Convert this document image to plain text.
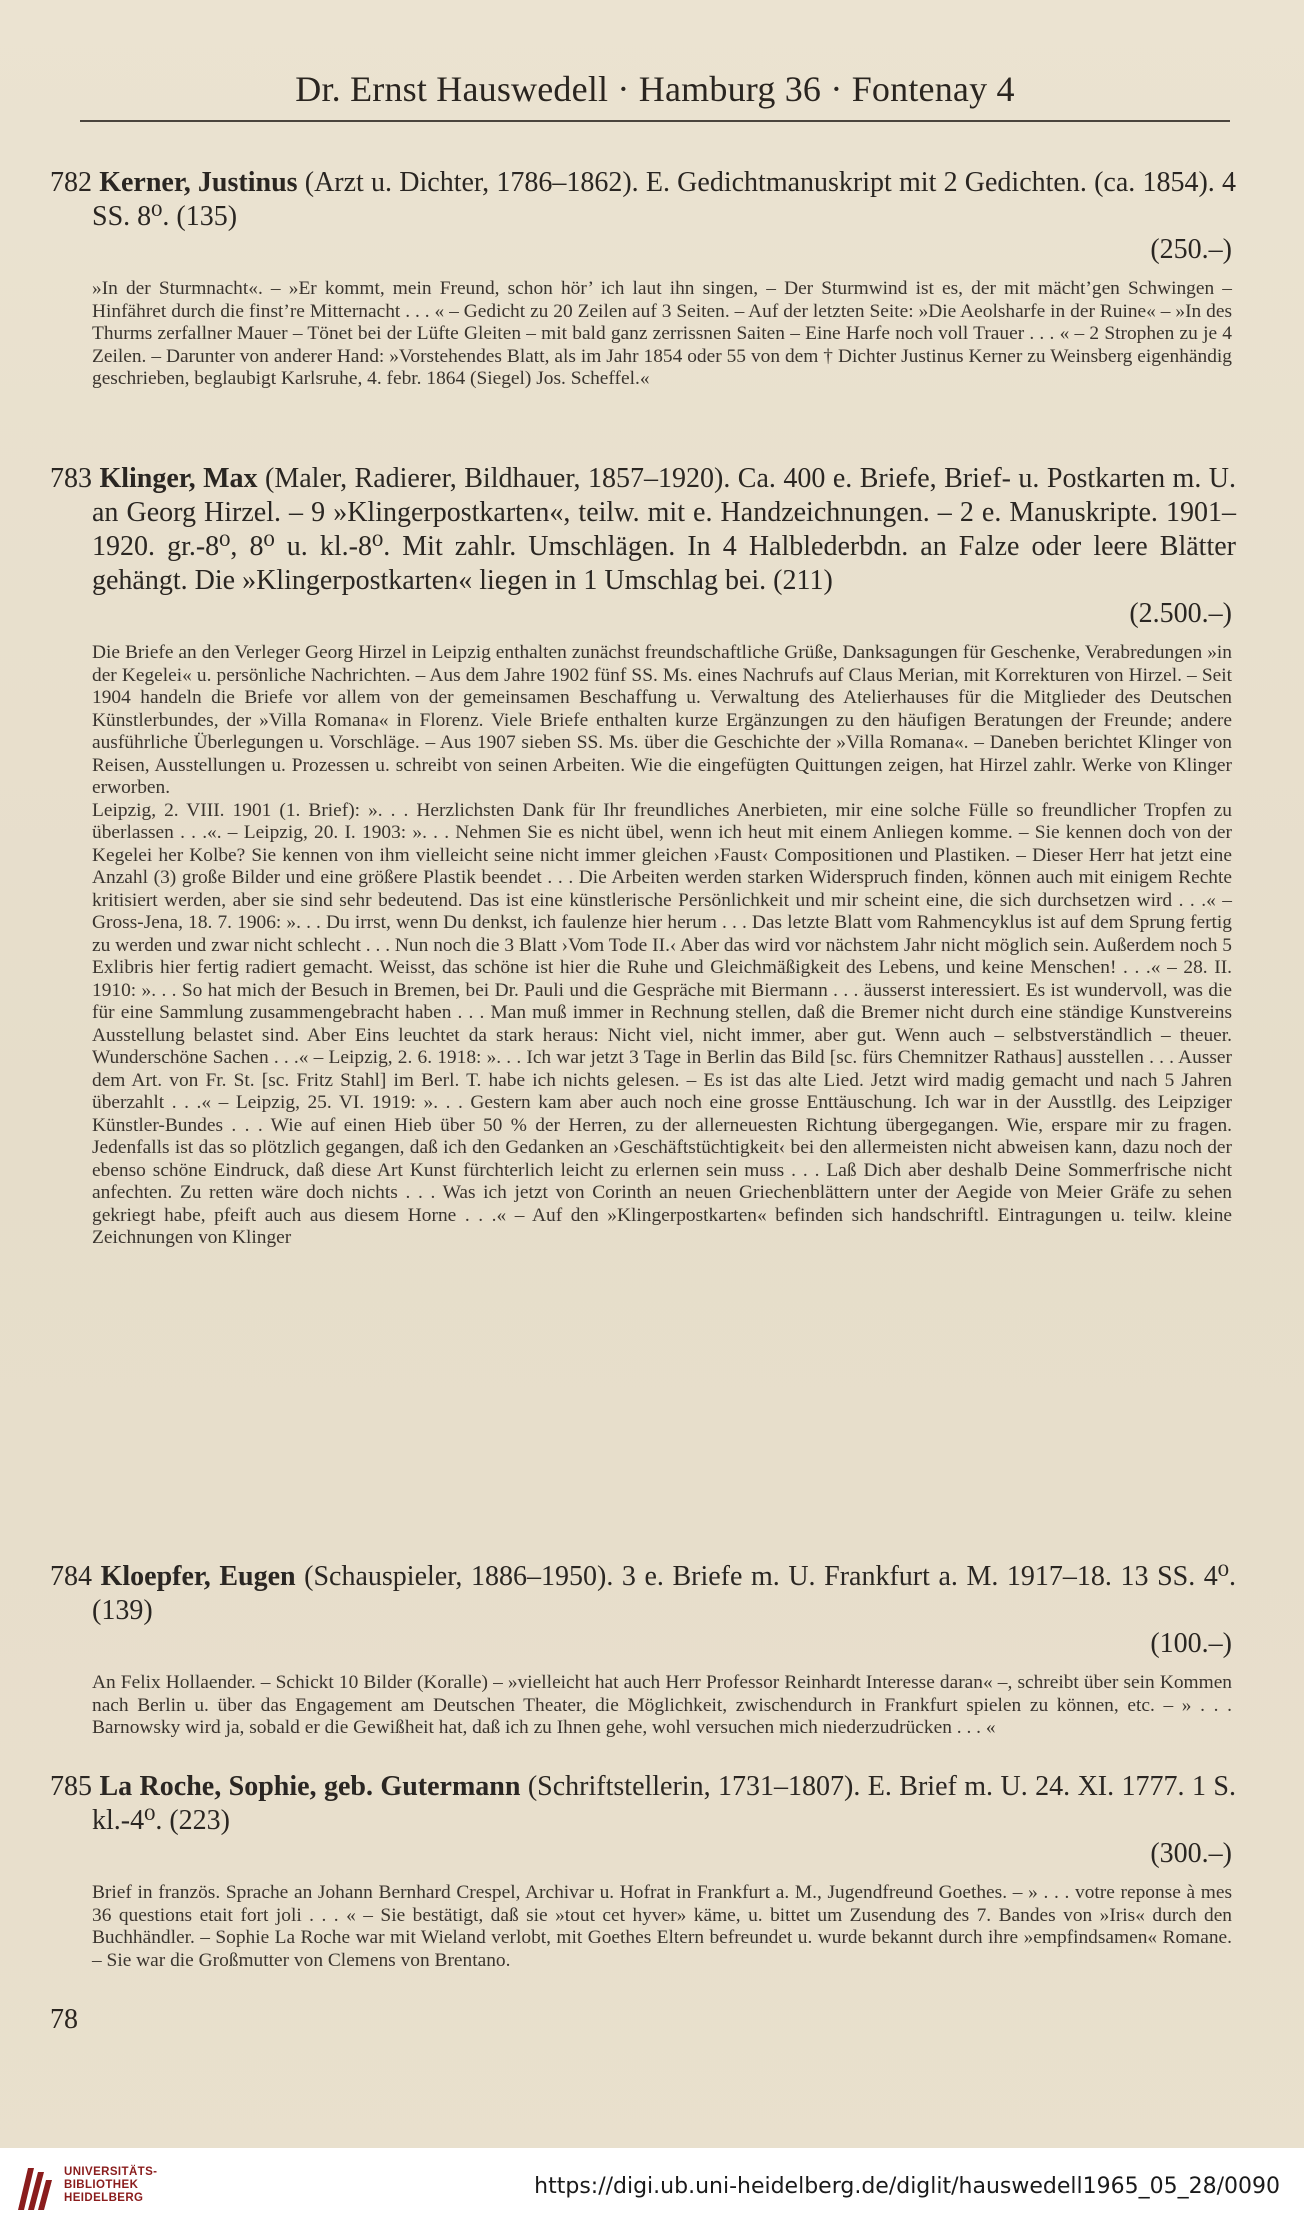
Dr. Ernst Hauswedell · Hamburg 36 · Fontenay 4
782 Kerner, Justinus (Arzt u. Dichter, 1786–1862). E. Gedichtmanuskript mit 2 Gedichten. (ca. 1854). 4 SS. 8⁰. (135)
(250.–)

»In der Sturmnacht«. – »Er kommt, mein Freund, schon hör’ ich laut ihn singen, – Der Sturmwind ist es, der mit mächt’gen Schwingen – Hinfähret durch die finst’re Mitternacht . . . « – Gedicht zu 20 Zeilen auf 3 Seiten. – Auf der letzten Seite: »Die Aeolsharfe in der Ruine« – »In des Thurms zerfallner Mauer – Tönet bei der Lüfte Gleiten – mit bald ganz zerrissnen Saiten – Eine Harfe noch voll Trauer . . . « – 2 Strophen zu je 4 Zeilen. – Darunter von anderer Hand: »Vorstehendes Blatt, als im Jahr 1854 oder 55 von dem † Dichter Justinus Kerner zu Weinsberg eigenhändig geschrieben, beglaubigt Karlsruhe, 4. febr. 1864 (Siegel) Jos. Scheffel.«

783 Klinger, Max (Maler, Radierer, Bildhauer, 1857–1920). Ca. 400 e. Briefe, Brief- u. Postkarten m. U. an Georg Hirzel. – 9 »Klingerpostkarten«, teilw. mit e. Handzeichnungen. – 2 e. Manuskripte. 1901–1920. gr.-8⁰, 8⁰ u. kl.-8⁰. Mit zahlr. Umschlägen. In 4 Halblederbdn. an Falze oder leere Blätter gehängt. Die »Klingerpostkarten« liegen in 1 Umschlag bei. (211)
(2.500.–)

Die Briefe an den Verleger Georg Hirzel in Leipzig enthalten zunächst freundschaftliche Grüße, Danksagungen für Geschenke, Verabredungen »in der Kegelei« u. persönliche Nachrichten. – Aus dem Jahre 1902 fünf SS. Ms. eines Nachrufs auf Claus Merian, mit Korrekturen von Hirzel. – Seit 1904 handeln die Briefe vor allem von der gemeinsamen Beschaffung u. Verwaltung des Atelierhauses für die Mitglieder des Deutschen Künstlerbundes, der »Villa Romana« in Florenz. Viele Briefe enthalten kurze Ergänzungen zu den häufigen Beratungen der Freunde; andere ausführliche Überlegungen u. Vorschläge. – Aus 1907 sieben SS. Ms. über die Geschichte der »Villa Romana«. – Daneben berichtet Klinger von Reisen, Ausstellungen u. Prozessen u. schreibt von seinen Arbeiten. Wie die eingefügten Quittungen zeigen, hat Hirzel zahlr. Werke von Klinger erworben.

Leipzig, 2. VIII. 1901 (1. Brief): ». . . Herzlichsten Dank für Ihr freundliches Anerbieten, mir eine solche Fülle so freundlicher Tropfen zu überlassen . . .«. – Leipzig, 20. I. 1903: ». . . Nehmen Sie es nicht übel, wenn ich heut mit einem Anliegen komme. – Sie kennen doch von der Kegelei her Kolbe? Sie kennen von ihm vielleicht seine nicht immer gleichen ›Faust‹ Compositionen und Plastiken. – Dieser Herr hat jetzt eine Anzahl (3) große Bilder und eine größere Plastik beendet . . . Die Arbeiten werden starken Widerspruch finden, können auch mit einigem Rechte kritisiert werden, aber sie sind sehr bedeutend. Das ist eine künstlerische Persönlichkeit und mir scheint eine, die sich durchsetzen wird . . .« – Gross-Jena, 18. 7. 1906: ». . . Du irrst, wenn Du denkst, ich faulenze hier herum . . . Das letzte Blatt vom Rahmencyklus ist auf dem Sprung fertig zu werden und zwar nicht schlecht . . . Nun noch die 3 Blatt ›Vom Tode II.‹ Aber das wird vor nächstem Jahr nicht möglich sein. Außerdem noch 5 Exlibris hier fertig radiert gemacht. Weisst, das schöne ist hier die Ruhe und Gleichmäßigkeit des Lebens, und keine Menschen! . . .« – 28. II. 1910: ». . . So hat mich der Besuch in Bremen, bei Dr. Pauli und die Gespräche mit Biermann . . . äusserst interessiert. Es ist wundervoll, was die für eine Sammlung zusammengebracht haben . . . Man muß immer in Rechnung stellen, daß die Bremer nicht durch eine ständige Kunstvereins Ausstellung belastet sind. Aber Eins leuchtet da stark heraus: Nicht viel, nicht immer, aber gut. Wenn auch – selbstverständlich – theuer. Wunderschöne Sachen . . .« – Leipzig, 2. 6. 1918: ». . . Ich war jetzt 3 Tage in Berlin das Bild [sc. fürs Chemnitzer Rathaus] ausstellen . . . Ausser dem Art. von Fr. St. [sc. Fritz Stahl] im Berl. T. habe ich nichts gelesen. – Es ist das alte Lied. Jetzt wird madig gemacht und nach 5 Jahren überzahlt . . .« – Leipzig, 25. VI. 1919: ». . . Gestern kam aber auch noch eine grosse Enttäuschung. Ich war in der Ausstllg. des Leipziger Künstler-Bundes . . . Wie auf einen Hieb über 50 % der Herren, zu der allerneuesten Richtung übergegangen. Wie, erspare mir zu fragen. Jedenfalls ist das so plötzlich gegangen, daß ich den Gedanken an ›Geschäftstüchtigkeit‹ bei den allermeisten nicht abweisen kann, dazu noch der ebenso schöne Eindruck, daß diese Art Kunst fürchterlich leicht zu erlernen sein muss . . . Laß Dich aber deshalb Deine Sommerfrische nicht anfechten. Zu retten wäre doch nichts . . . Was ich jetzt von Corinth an neuen Griechenblättern unter der Aegide von Meier Gräfe zu sehen gekriegt habe, pfeift auch aus diesem Horne . . .« – Auf den »Klingerpostkarten« befinden sich handschriftl. Eintragungen u. teilw. kleine Zeichnungen von Klinger

784 Kloepfer, Eugen (Schauspieler, 1886–1950). 3 e. Briefe m. U. Frankfurt a. M. 1917–18. 13 SS. 4⁰. (139)
(100.–)

An Felix Hollaender. – Schickt 10 Bilder (Koralle) – »vielleicht hat auch Herr Professor Reinhardt Interesse daran« –, schreibt über sein Kommen nach Berlin u. über das Engagement am Deutschen Theater, die Möglichkeit, zwischendurch in Frankfurt spielen zu können, etc. – » . . . Barnowsky wird ja, sobald er die Gewißheit hat, daß ich zu Ihnen gehe, wohl versuchen mich niederzudrücken . . . «

785 La Roche, Sophie, geb. Gutermann (Schriftstellerin, 1731–1807). E. Brief m. U. 24. XI. 1777. 1 S. kl.-4⁰. (223)
(300.–)

Brief in französ. Sprache an Johann Bernhard Crespel, Archivar u. Hofrat in Frankfurt a. M., Jugendfreund Goethes. – » . . . votre reponse à mes 36 questions etait fort joli . . . « – Sie bestätigt, daß sie »tout cet hyver» käme, u. bittet um Zusendung des 7. Bandes von »Iris« durch den Buchhändler. – Sophie La Roche war mit Wieland verlobt, mit Goethes Eltern befreundet u. wurde bekannt durch ihre »empfindsamen« Romane. – Sie war die Großmutter von Clemens von Brentano.

78
UNIVERSITÄTS-
BIBLIOTHEK
HEIDELBERG	https://digi.ub.uni-heidelberg.de/diglit/hauswedell1965_05_28/0090
